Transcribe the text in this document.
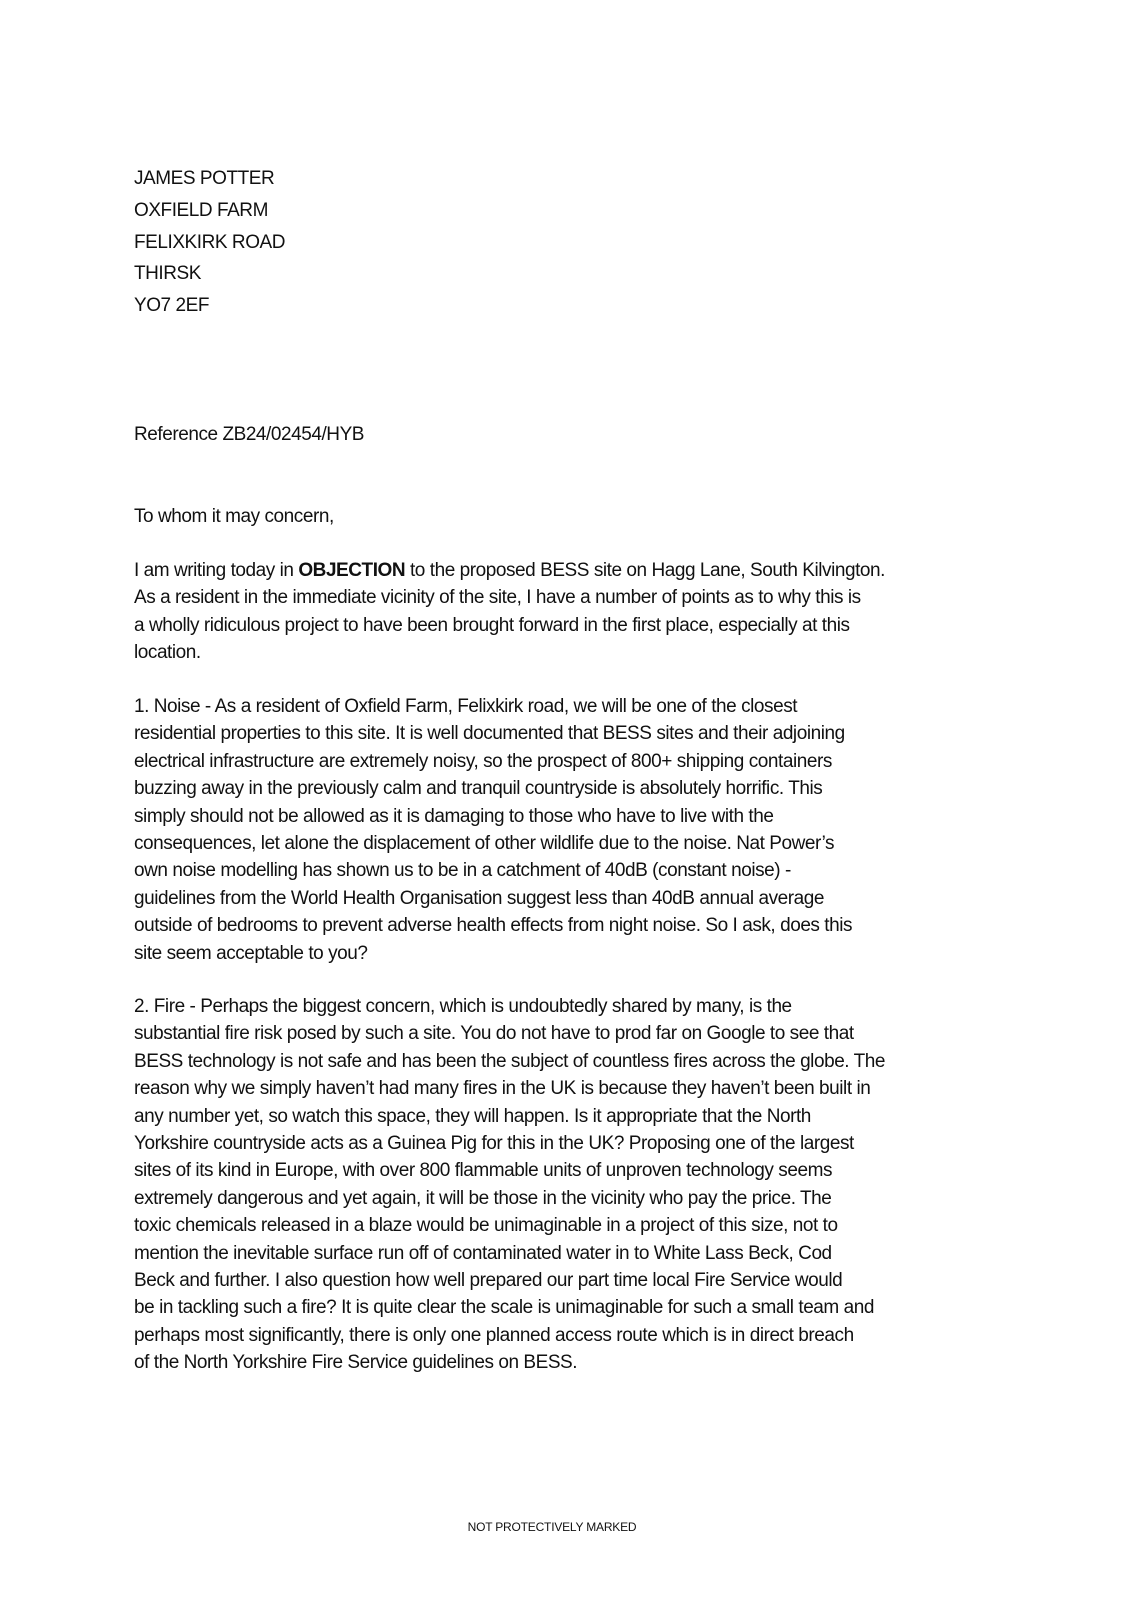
JAMES POTTER
OXFIELD FARM
FELIXKIRK ROAD
THIRSK
YO7 2EF
Reference ZB24/02454/HYB
To whom it may concern,
I am writing today in OBJECTION to the proposed BESS site on Hagg Lane, South Kilvington.
As a resident in the immediate vicinity of the site, I have a number of points as to why this is
a wholly ridiculous project to have been brought forward in the first place, especially at this
location.
1. Noise - As a resident of Oxfield Farm, Felixkirk road, we will be one of the closest
residential properties to this site. It is well documented that BESS sites and their adjoining
electrical infrastructure are extremely noisy, so the prospect of 800+ shipping containers
buzzing away in the previously calm and tranquil countryside is absolutely horrific. This
simply should not be allowed as it is damaging to those who have to live with the
consequences, let alone the displacement of other wildlife due to the noise. Nat Power’s
own noise modelling has shown us to be in a catchment of 40dB (constant noise) -
guidelines from the World Health Organisation suggest less than 40dB annual average
outside of bedrooms to prevent adverse health effects from night noise. So I ask, does this
site seem acceptable to you?
2. Fire - Perhaps the biggest concern, which is undoubtedly shared by many, is the
substantial fire risk posed by such a site. You do not have to prod far on Google to see that
BESS technology is not safe and has been the subject of countless fires across the globe. The
reason why we simply haven’t had many fires in the UK is because they haven’t been built in
any number yet, so watch this space, they will happen. Is it appropriate that the North
Yorkshire countryside acts as a Guinea Pig for this in the UK? Proposing one of the largest
sites of its kind in Europe, with over 800 flammable units of unproven technology seems
extremely dangerous and yet again, it will be those in the vicinity who pay the price. The
toxic chemicals released in a blaze would be unimaginable in a project of this size, not to
mention the inevitable surface run off of contaminated water in to White Lass Beck, Cod
Beck and further. I also question how well prepared our part time local Fire Service would
be in tackling such a fire? It is quite clear the scale is unimaginable for such a small team and
perhaps most significantly, there is only one planned access route which is in direct breach
of the North Yorkshire Fire Service guidelines on BESS.
NOT PROTECTIVELY MARKED
